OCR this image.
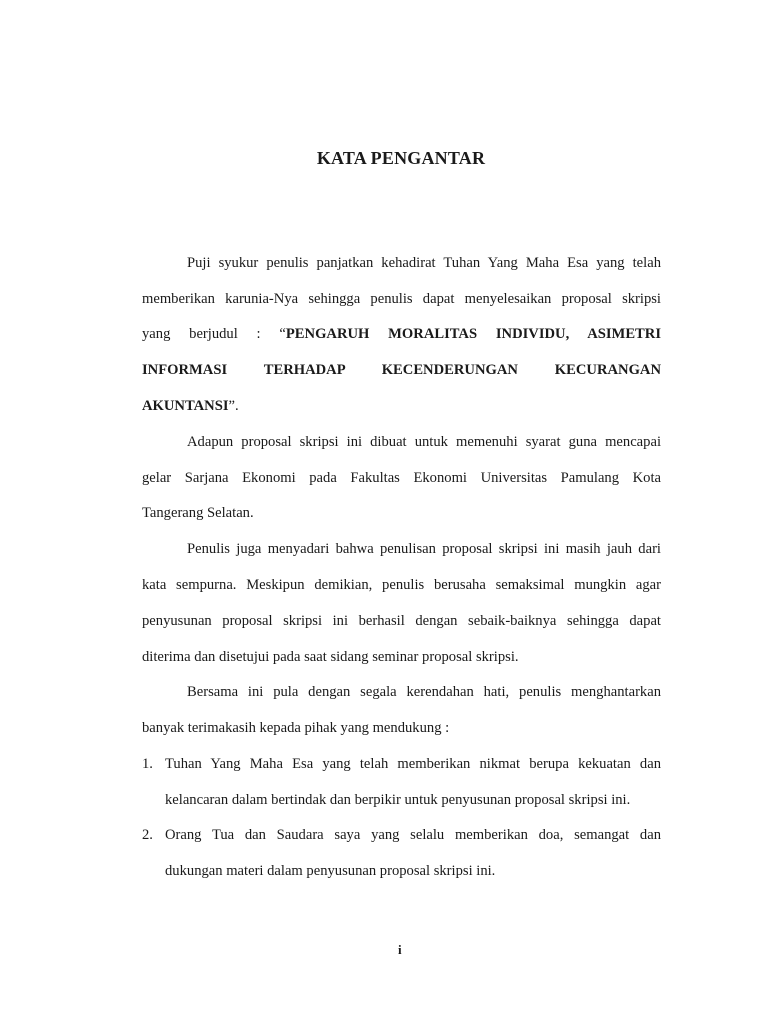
KATA PENGANTAR
Puji syukur penulis panjatkan kehadirat Tuhan Yang Maha Esa yang telah
memberikan karunia-Nya sehingga penulis dapat menyelesaikan proposal skripsi
yang berjudul : “PENGARUH MORALITAS INDIVIDU, ASIMETRI
INFORMASI TERHADAP KECENDERUNGAN KECURANGAN
AKUNTANSI”.
Adapun proposal skripsi ini dibuat untuk memenuhi syarat guna mencapai
gelar Sarjana Ekonomi pada Fakultas Ekonomi Universitas Pamulang Kota
Tangerang Selatan.
Penulis juga menyadari bahwa penulisan proposal skripsi ini masih jauh dari
kata sempurna. Meskipun demikian, penulis berusaha semaksimal mungkin agar
penyusunan proposal skripsi ini berhasil dengan sebaik-baiknya sehingga dapat
diterima dan disetujui pada saat sidang seminar proposal skripsi.
Bersama ini pula dengan segala kerendahan hati, penulis menghantarkan
banyak terimakasih kepada pihak yang mendukung :
1. Tuhan Yang Maha Esa yang telah memberikan nikmat berupa kekuatan dan
kelancaran dalam bertindak dan berpikir untuk penyusunan proposal skripsi ini.
2. Orang Tua dan Saudara saya yang selalu memberikan doa, semangat dan
dukungan materi dalam penyusunan proposal skripsi ini.
i
